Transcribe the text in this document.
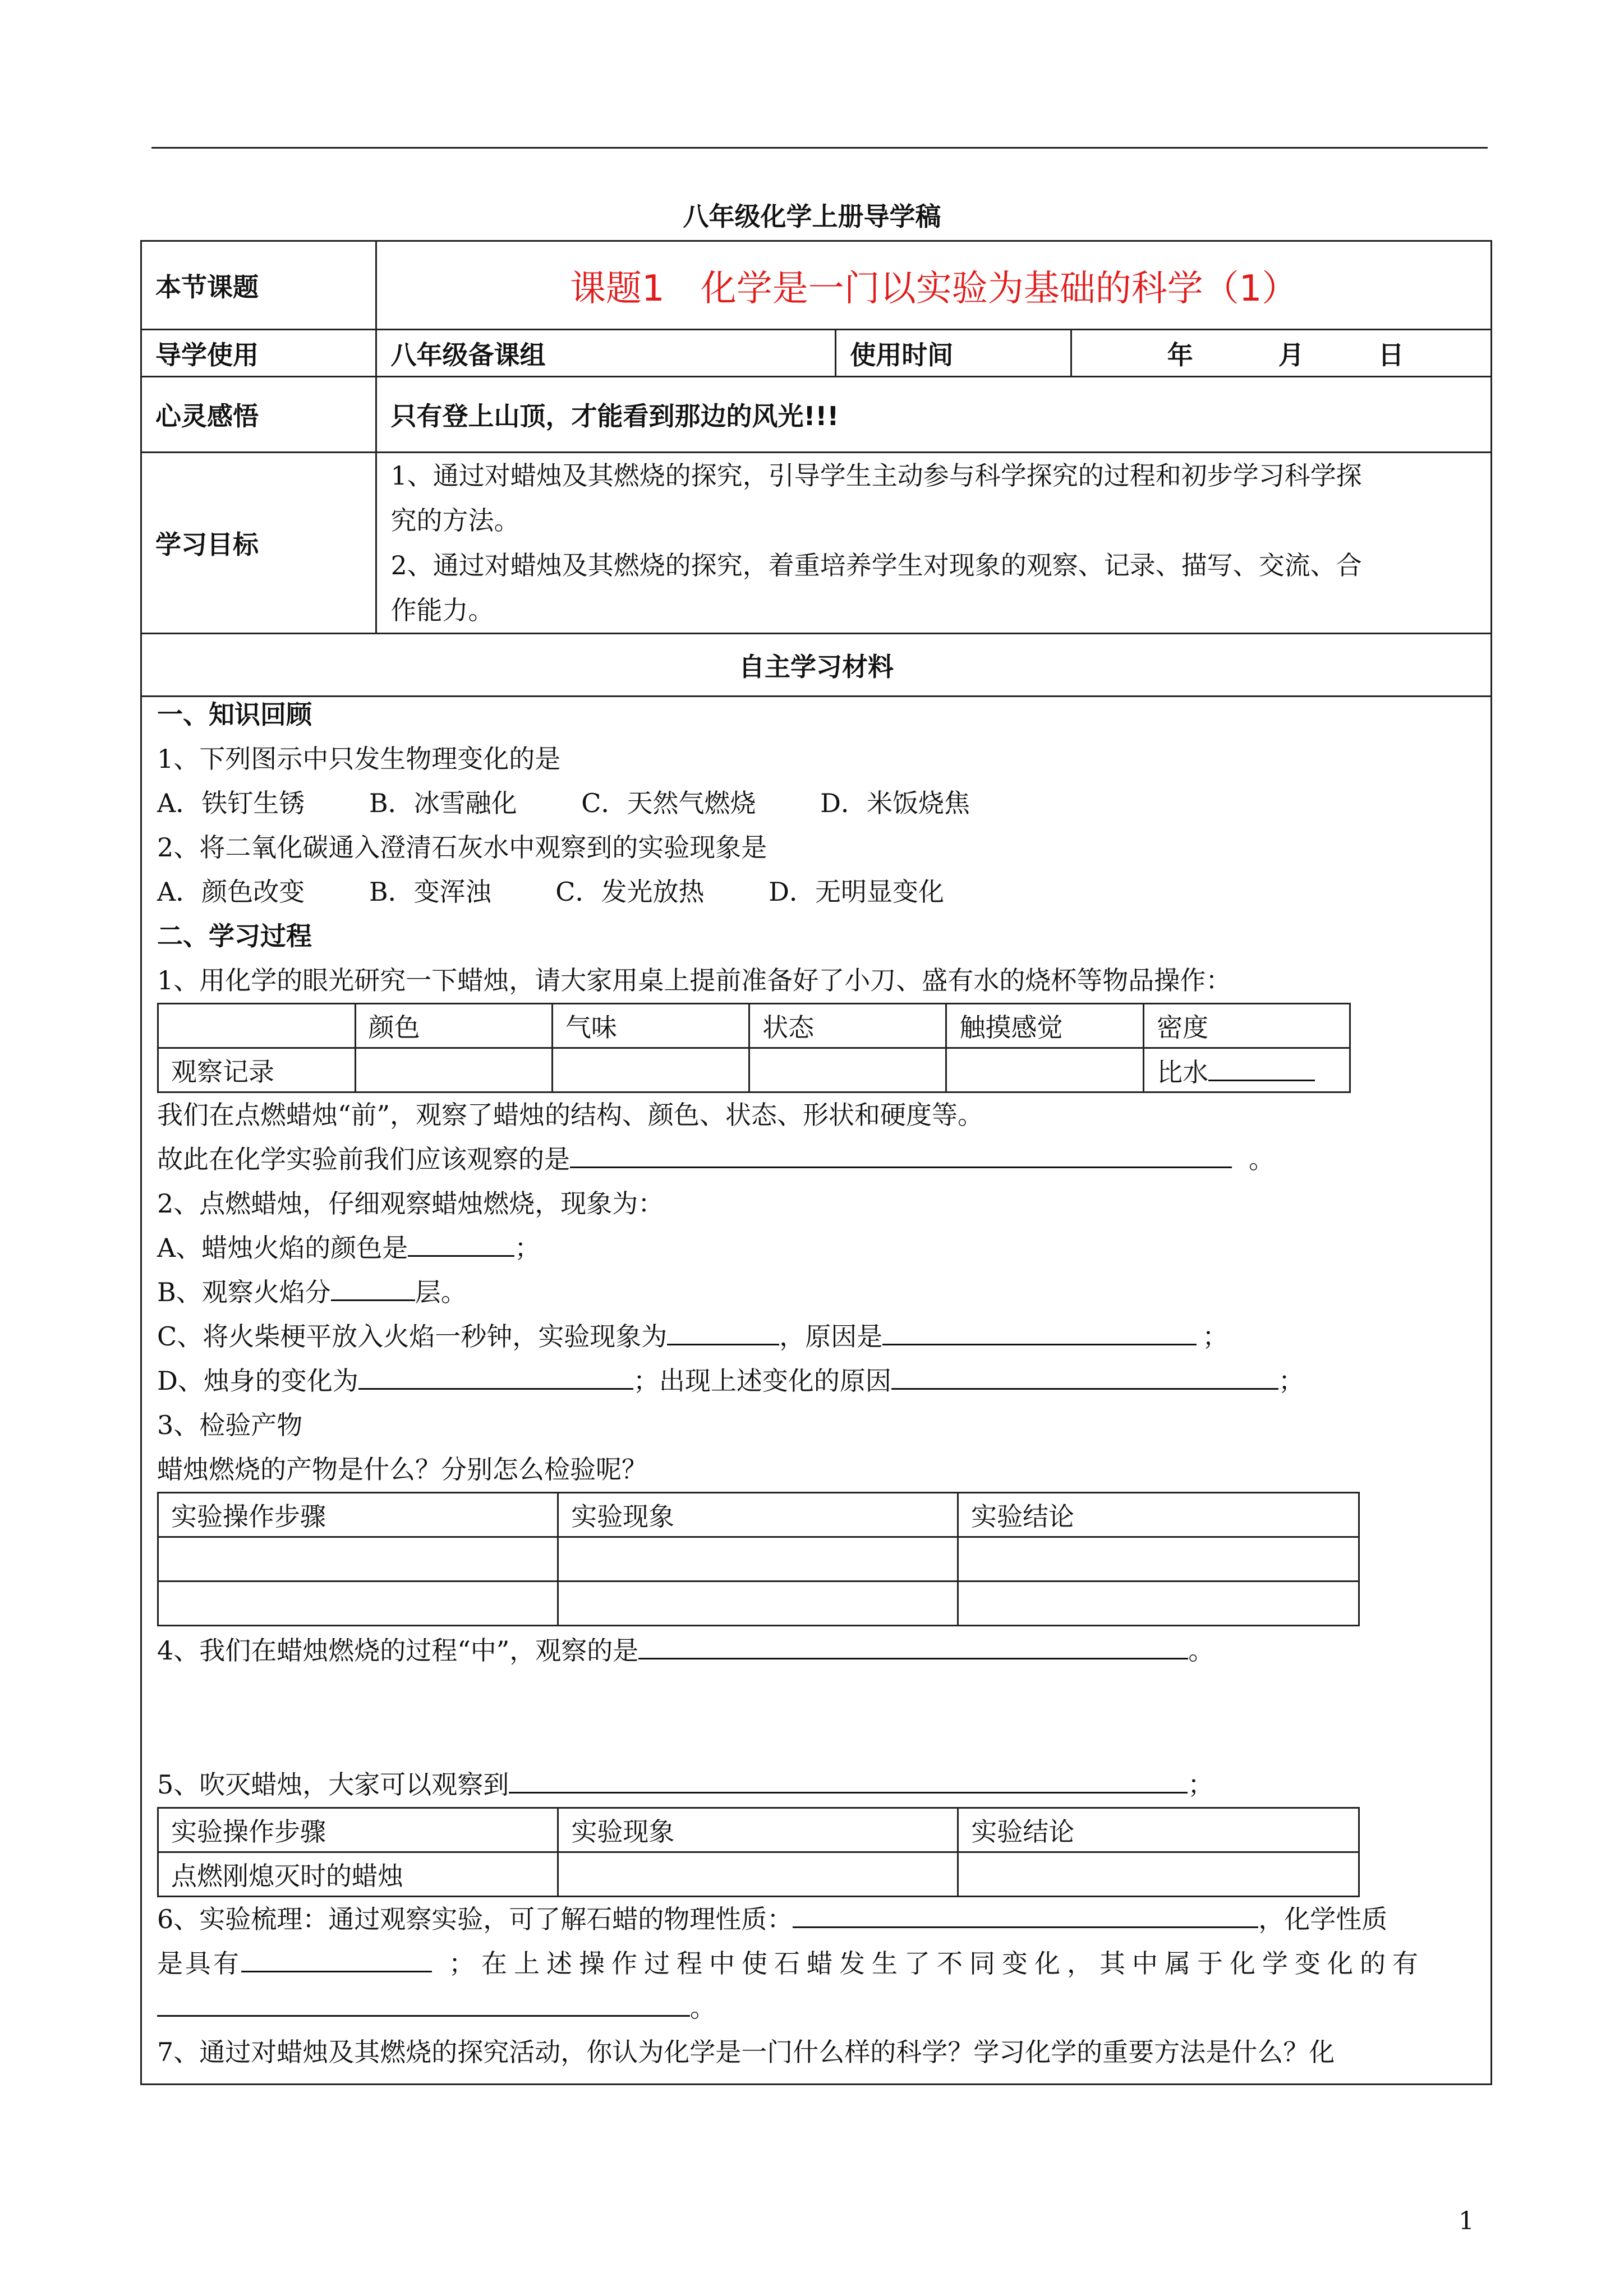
八年级化学上册导学稿
本节课题	课题1　化学是一门以实验为基础的科学（1）		
导学使用	八年级备课组	使用时间	年 月 日
心灵感悟	只有登上山顶，才能看到那边的风光!!!		
学习目标	1、通过对蜡烛及其燃烧的探究，引导学生主动参与科学探究的过程和初步学习科学探

究的方法。

2、通过对蜡烛及其燃烧的探究，着重培养学生对现象的观察、记录、描写、交流、合

作能力。		

自主学习材料			
一、知识回顾
1、下列图示中只发生物理变化的是
A．铁钉生锈 B．冰雪融化 C．天然气燃烧 D．米饭烧焦
2、将二氧化碳通入澄清石灰水中观察到的实验现象是
A．颜色改变 B．变浑浊 C．发光放热 D．无明显变化
二、学习过程
1、用化学的眼光研究一下蜡烛，请大家用桌上提前准备好了小刀、盛有水的烧杯等物品操作：
	颜色	气味	状态	触摸感觉	密度
观察记录					比水
我们在点燃蜡烛“前”，观察了蜡烛的结构、颜色、状态、形状和硬度等。
故此在化学实验前我们应该观察的是	。
2、点燃蜡烛，仔细观察蜡烛燃烧，现象为：
A、蜡烛火焰的颜色是	；
B、观察火焰分	层。
C、将火柴梗平放入火焰一秒钟，实验现象为	，原因是	；
D、烛身的变化为	；出现上述变化的原因	；
3、检验产物
蜡烛燃烧的产物是什么？分别怎么检验呢？
实验操作步骤	实验现象	实验结论

4、我们在蜡烛燃烧的过程“中”，观察的是	。
5、吹灭蜡烛，大家可以观察到	；
实验操作步骤	实验现象	实验结论
点燃刚熄灭时的蜡烛		
6、实验梳理：通过观察实验，可了解石蜡的物理性质：	，化学性质
是具有	；在上述操作过程中使石蜡发生了不同变化，其中属于化学变化的有
。
7、通过对蜡烛及其燃烧的探究活动，你认为化学是一门什么样的科学？学习化学的重要方法是什么？化
1
